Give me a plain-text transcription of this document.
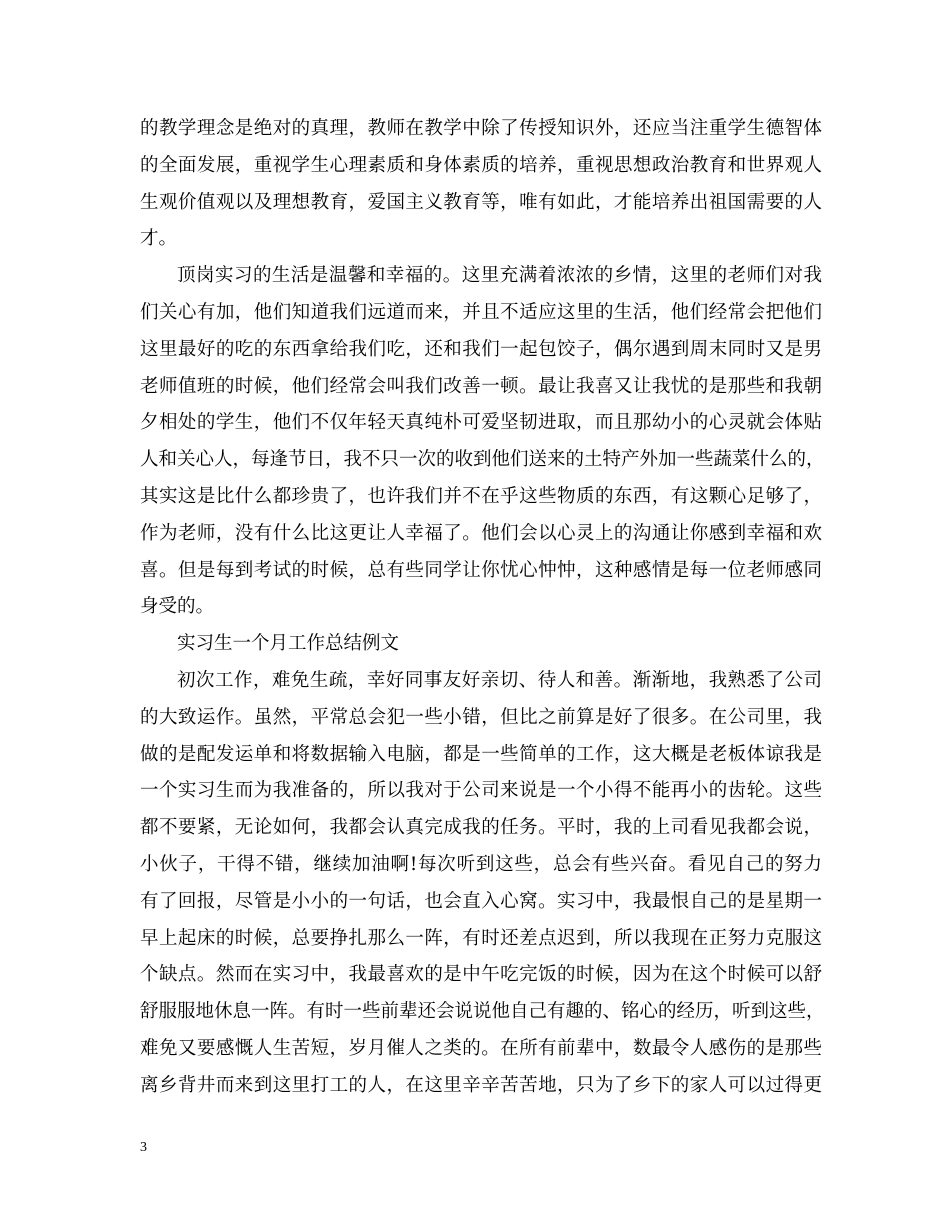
的教学理念是绝对的真理，教师在教学中除了传授知识外，还应当注重学生德智体
的全面发展，重视学生心理素质和身体素质的培养，重视思想政治教育和世界观人
生观价值观以及理想教育，爱国主义教育等，唯有如此，才能培养出祖国需要的人
才。
顶岗实习的生活是温馨和幸福的。这里充满着浓浓的乡情，这里的老师们对我
们关心有加，他们知道我们远道而来，并且不适应这里的生活，他们经常会把他们
这里最好的吃的东西拿给我们吃，还和我们一起包饺子，偶尔遇到周末同时又是男
老师值班的时候，他们经常会叫我们改善一顿。最让我喜又让我忧的是那些和我朝
夕相处的学生，他们不仅年轻天真纯朴可爱坚韧进取，而且那幼小的心灵就会体贴
人和关心人，每逢节日，我不只一次的收到他们送来的土特产外加一些蔬菜什么的，
其实这是比什么都珍贵了，也许我们并不在乎这些物质的东西，有这颗心足够了，
作为老师，没有什么比这更让人幸福了。他们会以心灵上的沟通让你感到幸福和欢
喜。但是每到考试的时候，总有些同学让你忧心忡忡，这种感情是每一位老师感同
身受的。
实习生一个月工作总结例文
初次工作，难免生疏，幸好同事友好亲切、待人和善。渐渐地，我熟悉了公司
的大致运作。虽然，平常总会犯一些小错，但比之前算是好了很多。在公司里，我
做的是配发运单和将数据输入电脑，都是一些简单的工作，这大概是老板体谅我是
一个实习生而为我准备的，所以我对于公司来说是一个小得不能再小的齿轮。这些
都不要紧，无论如何，我都会认真完成我的任务。平时，我的上司看见我都会说，
小伙子，干得不错，继续加油啊!每次听到这些，总会有些兴奋。看见自己的努力
有了回报，尽管是小小的一句话，也会直入心窝。实习中，我最恨自己的是星期一
早上起床的时候，总要挣扎那么一阵，有时还差点迟到，所以我现在正努力克服这
个缺点。然而在实习中，我最喜欢的是中午吃完饭的时候，因为在这个时候可以舒
舒服服地休息一阵。有时一些前辈还会说说他自己有趣的、铭心的经历，听到这些，
难免又要感慨人生苦短，岁月催人之类的。在所有前辈中，数最令人感伤的是那些
离乡背井而来到这里打工的人，在这里辛辛苦苦地，只为了乡下的家人可以过得更
3
